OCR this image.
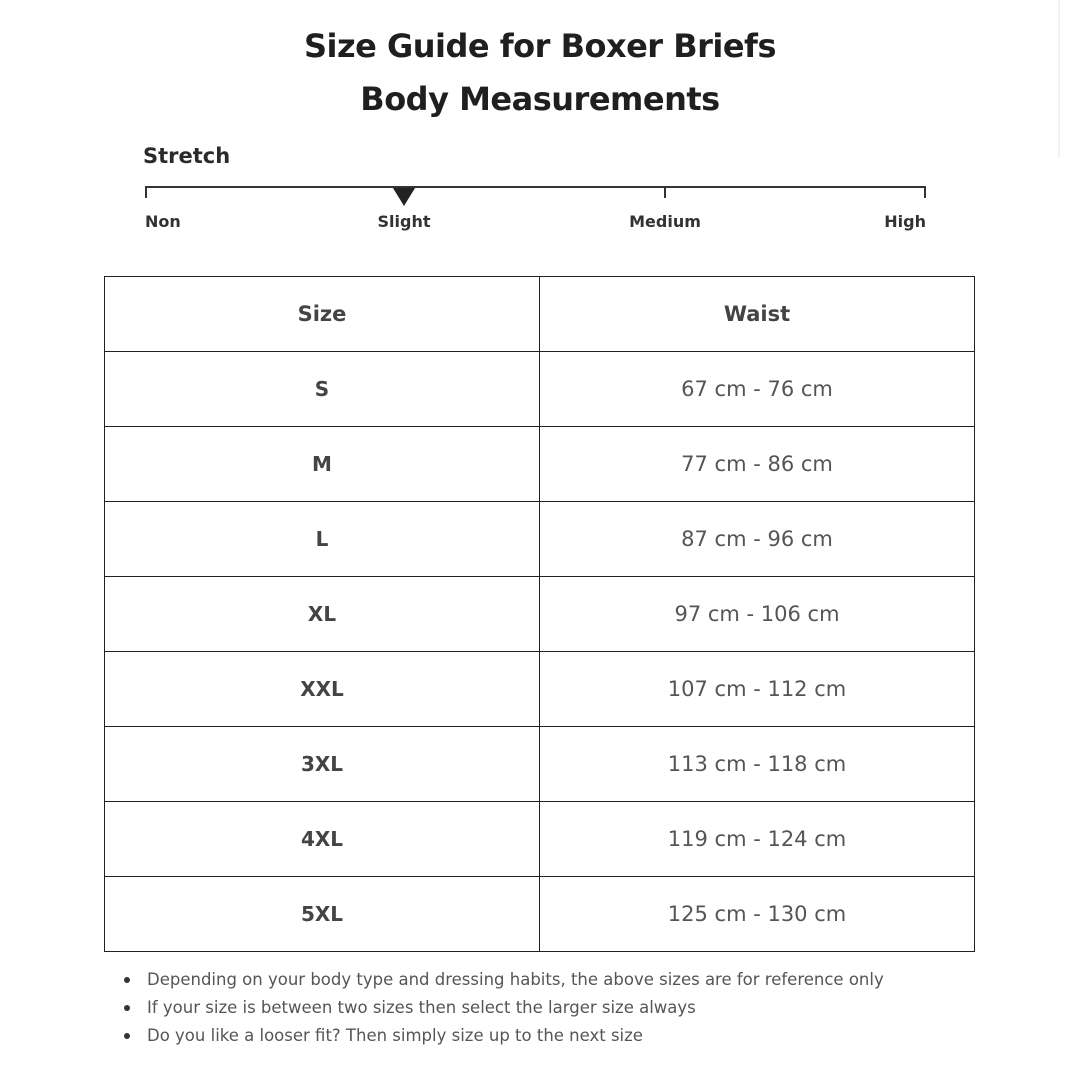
Size Guide for Boxer Briefs
Body Measurements
Stretch
Non	Slight	Medium	High
Size	Waist
S	67 cm - 76 cm
M	77 cm - 86 cm
L	87 cm - 96 cm
XL	97 cm - 106 cm
XXL	107 cm - 112 cm
3XL	113 cm - 118 cm
4XL	119 cm - 124 cm
5XL	125 cm - 130 cm
Depending on your body type and dressing habits, the above sizes are for reference only
If your size is between two sizes then select the larger size always
Do you like a looser fit? Then simply size up to the next size
